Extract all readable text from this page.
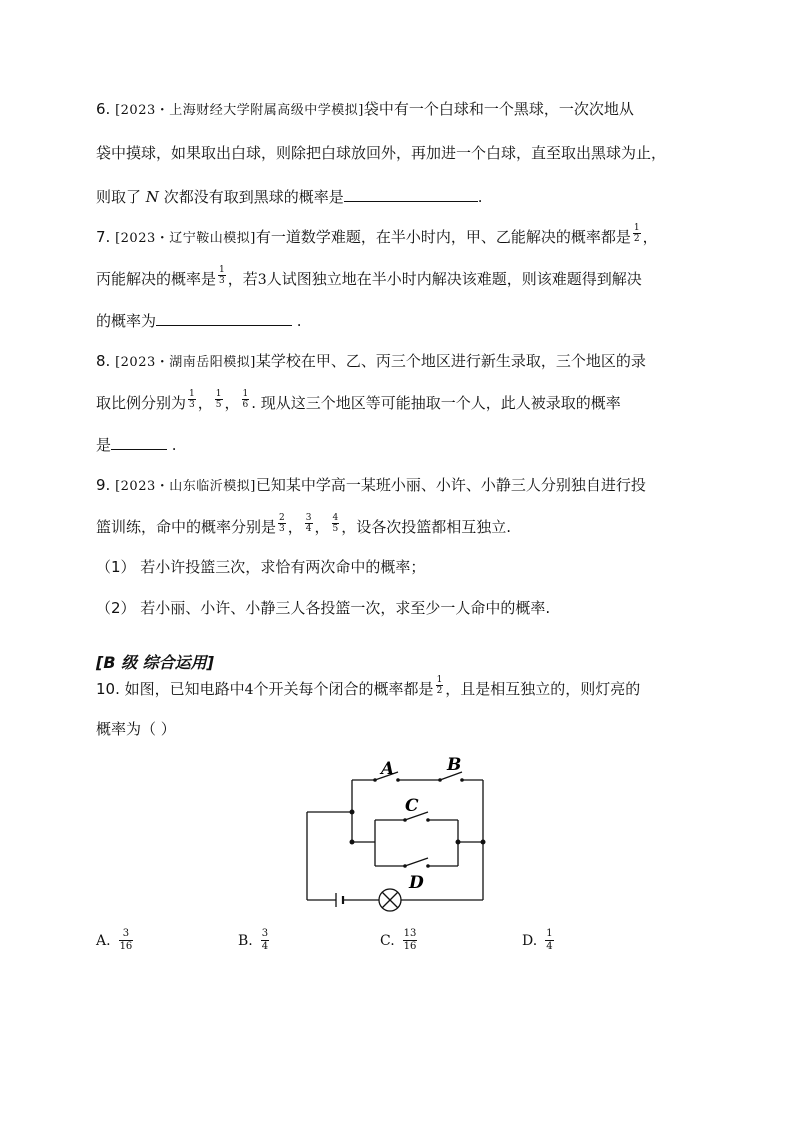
6. [2023・上海财经大学附属高级中学模拟]袋中有一个白球和一个黑球，一次次地从
袋中摸球，如果取出白球，则除把白球放回外，再加进一个白球，直至取出黑球为止，
则取了 N 次都没有取到黑球的概率是	.
7. [2023・辽宁鞍山模拟]有一道数学难题，在半小时内，甲、乙能解决的概率都是 $\frac{1}{2}$ ，
丙能解决的概率是 $\frac{1}{3}$ ，若3人试图独立地在半小时内解决该难题，则该难题得到解决
的概率为	.
8. [2023・湖南岳阳模拟]某学校在甲、乙、丙三个地区进行新生录取，三个地区的录
取比例分别为 $\frac{1}{3}$ ， $\frac{1}{5}$ ， $\frac{1}{6}$ . 现从这三个地区等可能抽取一个人，此人被录取的概率
是	.
9. [2023・山东临沂模拟]已知某中学高一某班小丽、小许、小静三人分别独自进行投
篮训练，命中的概率分别是 $\frac{2}{3}$ ， $\frac{3}{4}$ ， $\frac{4}{5}$ ，设各次投篮都相互独立.
（1） 若小许投篮三次，求恰有两次命中的概率；
（2） 若小丽、小许、小静三人各投篮一次，求至少一人命中的概率.
[B 级 综合运用]
10. 如图，已知电路中4个开关每个闭合的概率都是 $\frac{1}{2}$ ，且是相互独立的，则灯亮的
概率为（ ）
A	B
C
D
A. $\frac{3}{16}$	B. $\frac{3}{4}$	C. $\frac{13}{16}$	D. $\frac{1}{4}$
